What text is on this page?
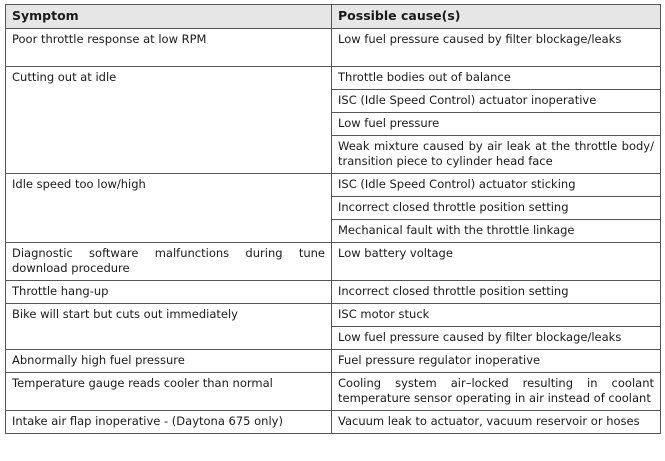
Symptom	Possible cause(s)
Poor throttle response at low RPM	Low fuel pressure caused by filter blockage/leaks
Cutting out at idle	Throttle bodies out of balance
	ISC (Idle Speed Control) actuator inoperative
	Low fuel pressure
	Weak mixture caused by air leak at the throttle body/ transition piece to cylinder head face
Idle speed too low/high	ISC (Idle Speed Control) actuator sticking
	Incorrect closed throttle position setting
	Mechanical fault with the throttle linkage
Diagnostic software malfunctions during tune download procedure	Low battery voltage
Throttle hang-up	Incorrect closed throttle position setting
Bike will start but cuts out immediately	ISC motor stuck
	Low fuel pressure caused by filter blockage/leaks
Abnormally high fuel pressure	Fuel pressure regulator inoperative
Temperature gauge reads cooler than normal	Cooling system air–locked resulting in coolant temperature sensor operating in air instead of coolant
Intake air flap inoperative - (Daytona 675 only)	Vacuum leak to actuator, vacuum reservoir or hoses
